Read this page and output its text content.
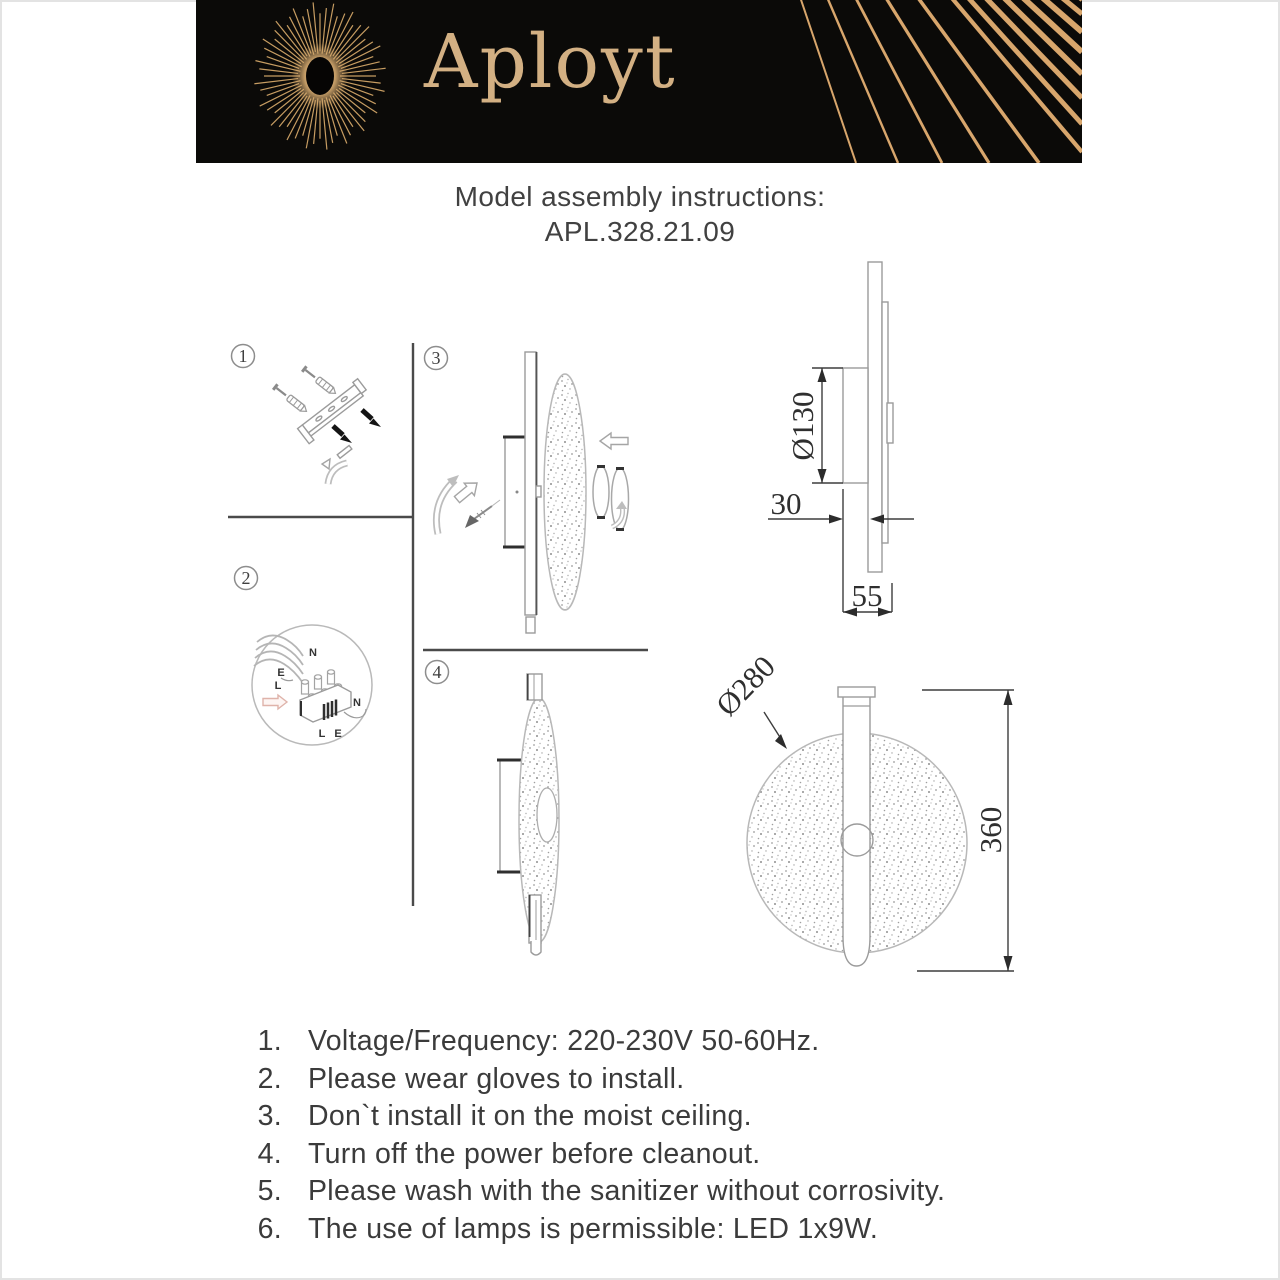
Aployt
Model assembly instructions:
APL.328.21.09
1
2
3
4
N
E
L
N
L E
Ø130
30
55
Ø280
360
1. Voltage/Frequency: 220-230V 50-60Hz.
2. Please wear gloves to install.
3. Don`t install it on the moist ceiling.
4. Turn off the power before cleanout.
5. Please wash with the sanitizer without corrosivity.
6. The use of lamps is permissible: LED 1x9W.
